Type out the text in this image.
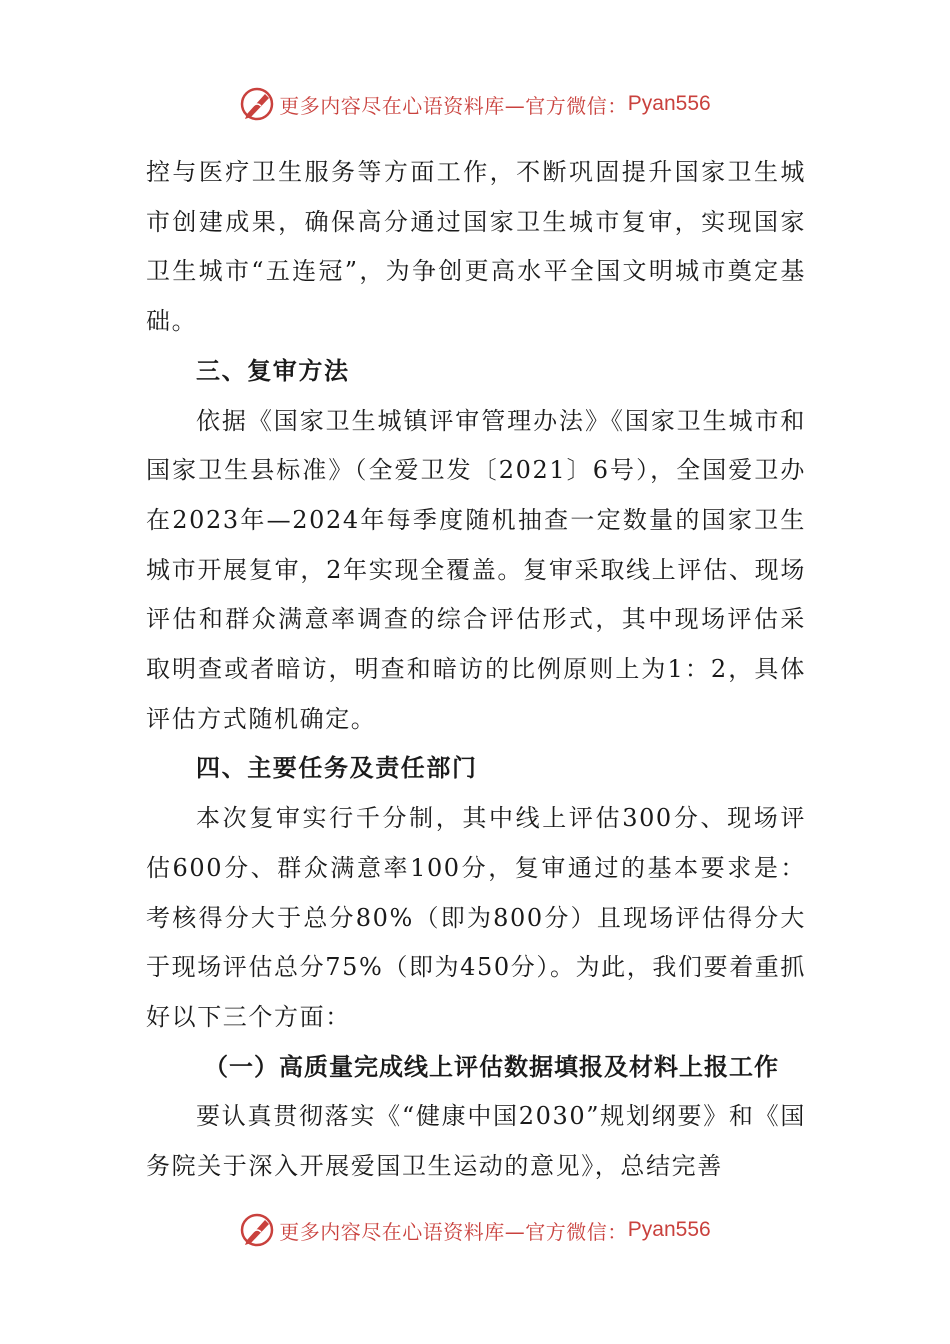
更多内容尽在心语资料库—官方微信： Pyan556

控与医疗卫生服务等方面工作，不断巩固提升国家卫生城市创建成果，确保高分通过国家卫生城市复审，实现国家卫生城市“五连冠”，为争创更高水平全国文明城市奠定基础。

三、复审方法

依据《国家卫生城镇评审管理办法》《国家卫生城市和国家卫生县标准》（全爱卫发〔2021〕6号），全国爱卫办在2023年—2024年每季度随机抽查一定数量的国家卫生城市开展复审，2年实现全覆盖。复审采取线上评估、现场评估和群众满意率调查的综合评估形式，其中现场评估采取明查或者暗访，明查和暗访的比例原则上为1：2，具体评估方式随机确定。

四、主要任务及责任部门

本次复审实行千分制，其中线上评估300分、现场评估600分、群众满意率100分，复审通过的基本要求是：考核得分大于总分80%（即为800分）且现场评估得分大于现场评估总分75%（即为450分）。为此，我们要着重抓好以下三个方面：

（一）高质量完成线上评估数据填报及材料上报工作

要认真贯彻落实《“健康中国2030”规划纲要》和《国务院关于深入开展爱国卫生运动的意见》，总结完善

更多内容尽在心语资料库—官方微信： Pyan556
